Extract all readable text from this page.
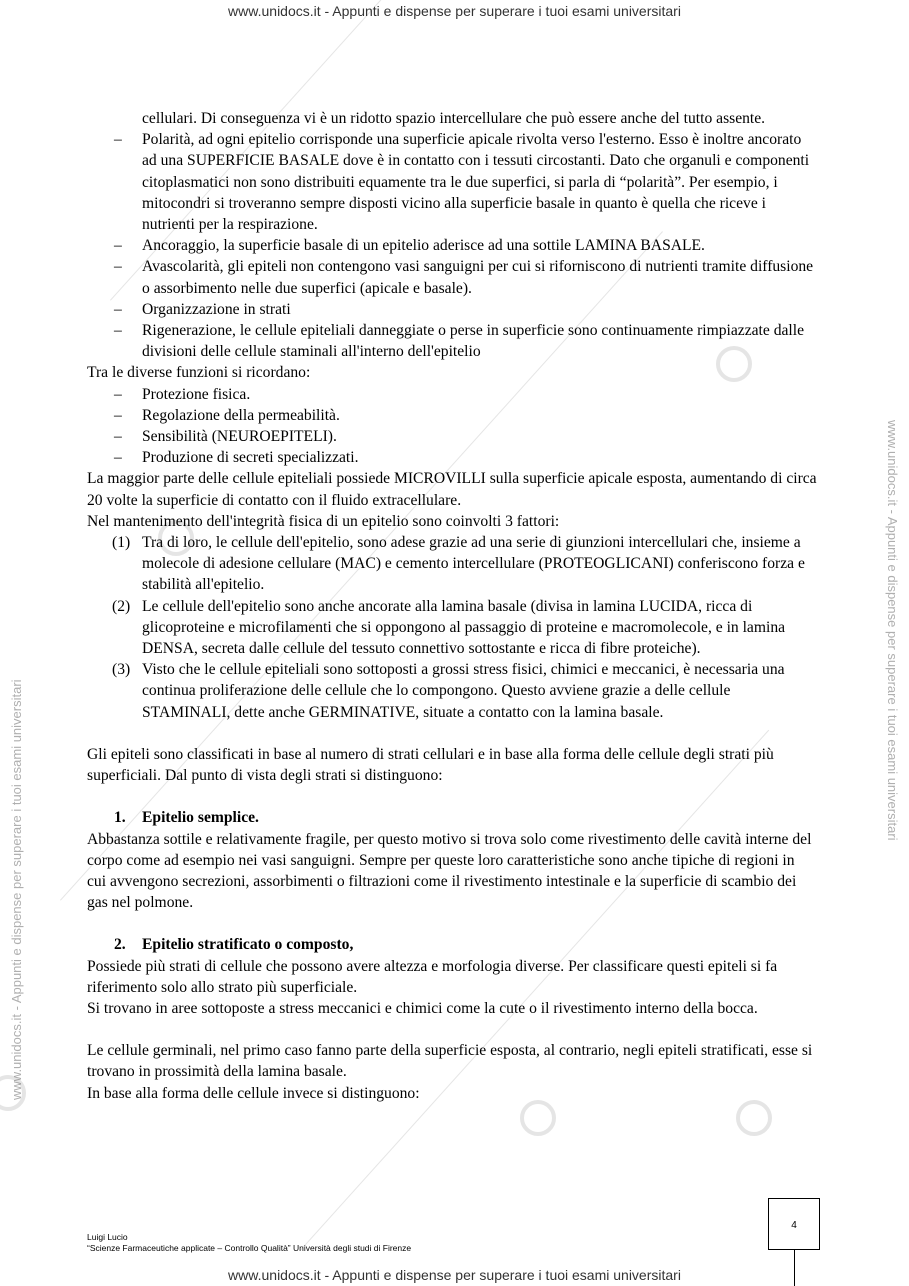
www.unidocs.it - Appunti e dispense per superare i tuoi esami universitari
www.unidocs.it - Appunti e dispense per superare i tuoi esami universitari
www.unidocs.it - Appunti e dispense per superare i tuoi esami universitari
www.unidocs.it - Appunti e dispense per superare i tuoi esami universitari

cellulari. Di conseguenza vi è un ridotto spazio intercellulare che può essere anche del tutto assente.

– Polarità, ad ogni epitelio corrisponde una superficie apicale rivolta verso l'esterno. Esso è inoltre ancorato ad una SUPERFICIE BASALE dove è in contatto con i tessuti circostanti. Dato che organuli e componenti citoplasmatici non sono distribuiti equamente tra le due superfici, si parla di “polarità”. Per esempio, i mitocondri si troveranno sempre disposti vicino alla superficie basale in quanto è quella che riceve i nutrienti per la respirazione.

– Ancoraggio, la superficie basale di un epitelio aderisce ad una sottile LAMINA BASALE.

– Avascolarità, gli epiteli non contengono vasi sanguigni per cui si riforniscono di nutrienti tramite diffusione o assorbimento nelle due superfici (apicale e basale).

– Organizzazione in strati

– Rigenerazione, le cellule epiteliali danneggiate o perse in superficie sono continuamente rimpiazzate dalle divisioni delle cellule staminali all'interno dell'epitelio

Tra le diverse funzioni si ricordano:

– Protezione fisica.

– Regolazione della permeabilità.

– Sensibilità (NEUROEPITELI).

– Produzione di secreti specializzati.

La maggior parte delle cellule epiteliali possiede MICROVILLI sulla superficie apicale esposta, aumentando di circa 20 volte la superficie di contatto con il fluido extracellulare.

Nel mantenimento dell'integrità fisica di un epitelio sono coinvolti 3 fattori:

(1) Tra di loro, le cellule dell'epitelio, sono adese grazie ad una serie di giunzioni intercellulari che, insieme a molecole di adesione cellulare (MAC) e cemento intercellulare (PROTEOGLICANI) conferiscono forza e stabilità all'epitelio.

(2) Le cellule dell'epitelio sono anche ancorate alla lamina basale (divisa in lamina LUCIDA, ricca di glicoproteine e microfilamenti che si oppongono al passaggio di proteine e macromolecole, e in lamina DENSA, secreta dalle cellule del tessuto connettivo sottostante e ricca di fibre proteiche).

(3) Visto che le cellule epiteliali sono sottoposti a grossi stress fisici, chimici e meccanici, è necessaria una continua proliferazione delle cellule che lo compongono. Questo avviene grazie a delle cellule STAMINALI, dette anche GERMINATIVE, situate a contatto con la lamina basale.

Gli epiteli sono classificati in base al numero di strati cellulari e in base alla forma delle cellule degli strati più superficiali. Dal punto di vista degli strati si distinguono:

1. Epitelio semplice.

Abbastanza sottile e relativamente fragile, per questo motivo si trova solo come rivestimento delle cavità interne del corpo come ad esempio nei vasi sanguigni. Sempre per queste loro caratteristiche sono anche tipiche di regioni in cui avvengono secrezioni, assorbimenti o filtrazioni come il rivestimento intestinale e la superficie di scambio dei gas nel polmone.

2. Epitelio stratificato o composto,

Possiede più strati di cellule che possono avere altezza e morfologia diverse. Per classificare questi epiteli si fa riferimento solo allo strato più superficiale.

Si trovano in aree sottoposte a stress meccanici e chimici come la cute o il rivestimento interno della bocca.

Le cellule germinali, nel primo caso fanno parte della superficie esposta, al contrario, negli epiteli stratificati, esse si trovano in prossimità della lamina basale.

In base alla forma delle cellule invece si distinguono:

Luigi Lucio
“Scienze Farmaceutiche applicate – Controllo Qualità” Università degli studi di Firenze
4
